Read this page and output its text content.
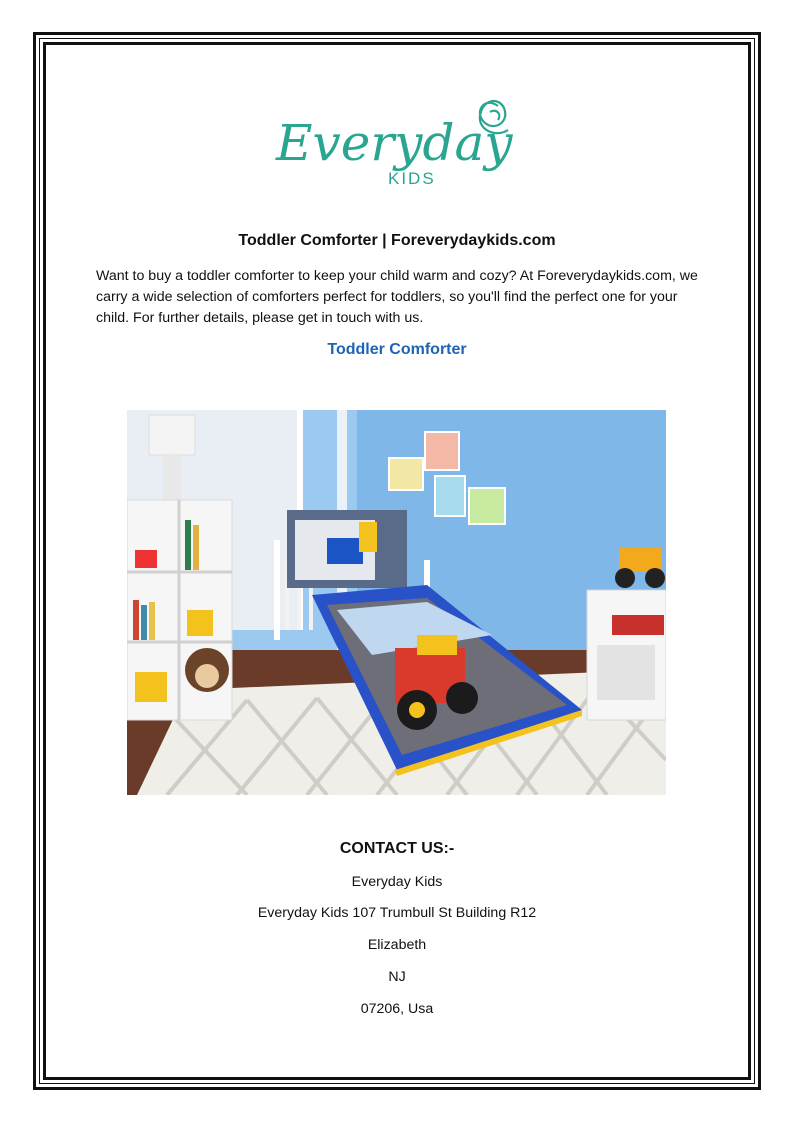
Everyday
KIDS
Toddler Comforter | Foreverydaykids.com

Want to buy a toddler comforter to keep your child warm and cozy? At Foreverydaykids.com, we carry a wide selection of comforters perfect for toddlers, so you'll find the perfect one for your child. For further details, please get in touch with us.

Toddler Comforter
CONTACT US:-
Everyday Kids
Everyday Kids 107 Trumbull St Building R12
Elizabeth
NJ
07206, Usa
